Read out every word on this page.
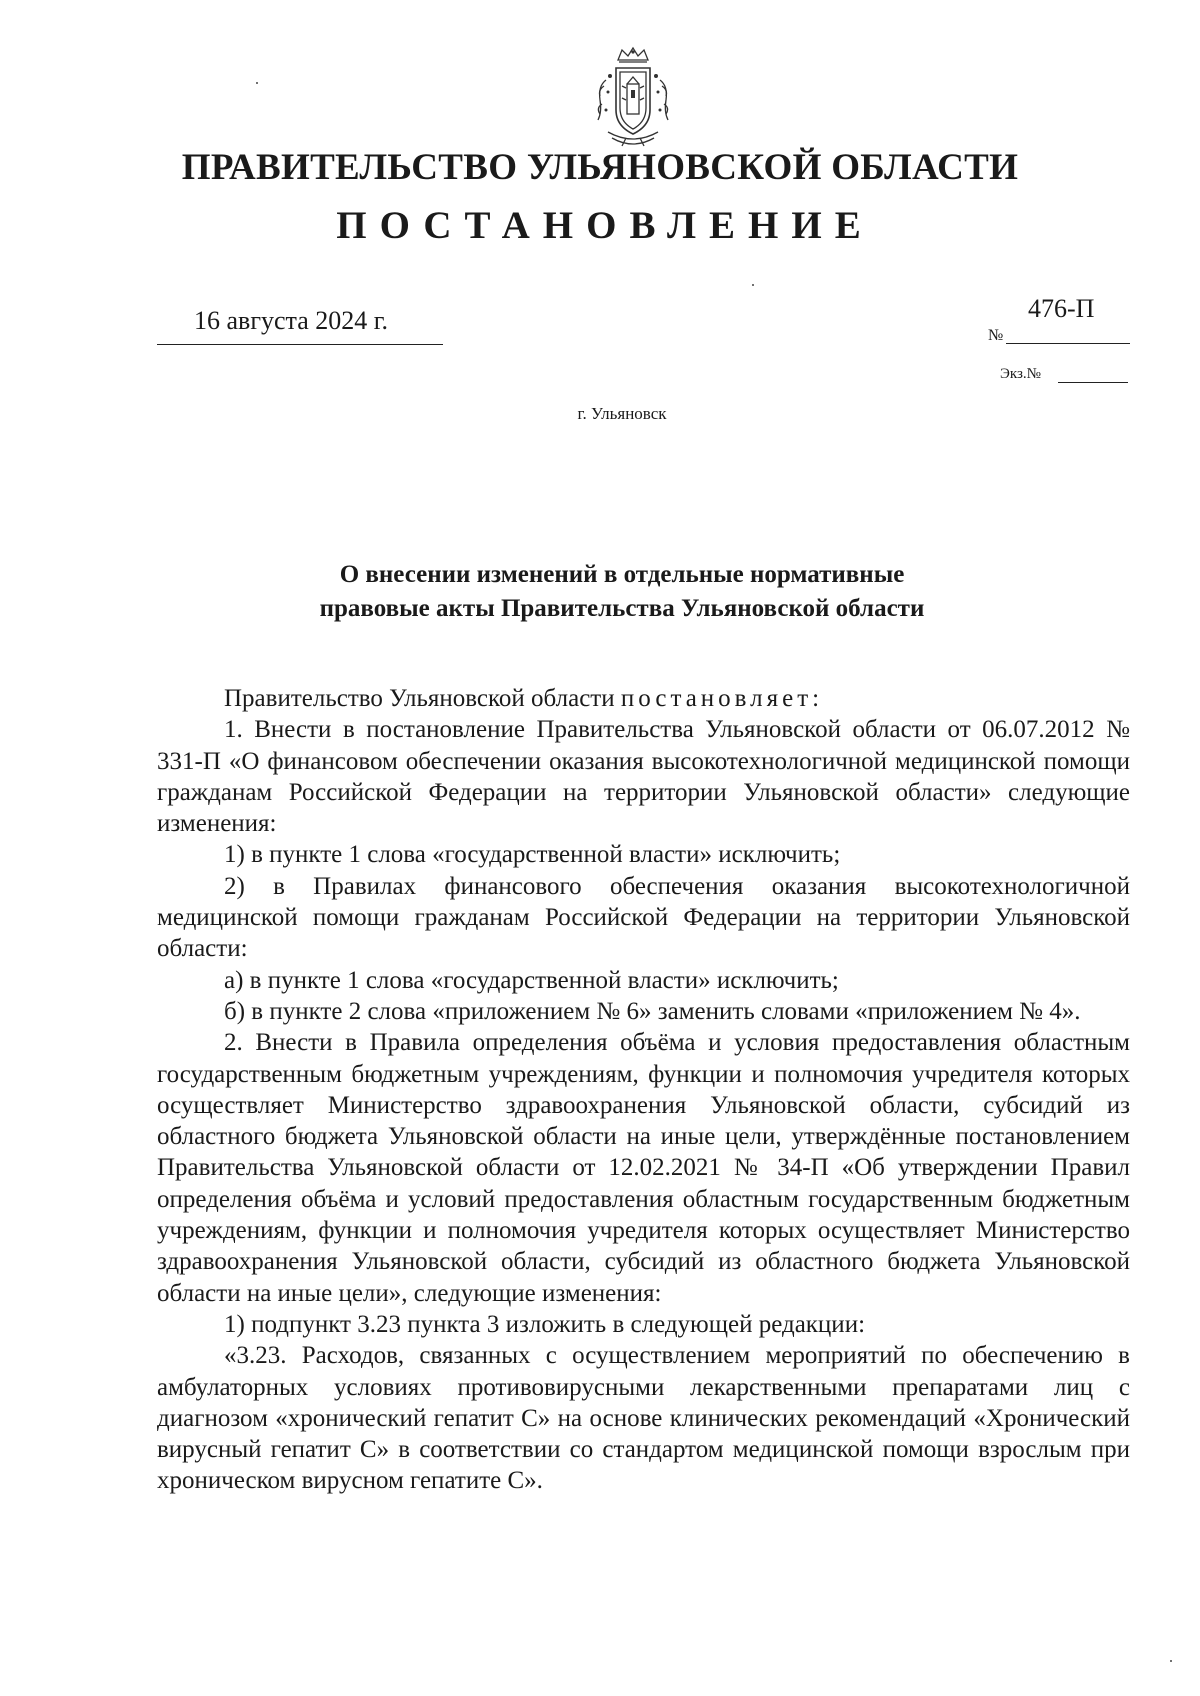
ПРАВИТЕЛЬСТВО УЛЬЯНОВСКОЙ ОБЛАСТИ
ПОСТАНОВЛЕНИЕ
16 августа 2024 г.
№
476-П
Экз.№
г. Ульяновск
О внесении изменений в отдельные нормативные
правовые акты Правительства Ульяновской области

Правительство Ульяновской области постановляет:

1. Внести в постановление Правительства Ульяновской области от 06.07.2012 № 331-П «О финансовом обеспечении оказания высокотехнологичной медицинской помощи гражданам Российской Федерации на территории Ульяновской области» следующие изменения:

1) в пункте 1 слова «государственной власти» исключить;

2) в Правилах финансового обеспечения оказания высокотехнологичной медицинской помощи гражданам Российской Федерации на территории Ульяновской области:

а) в пункте 1 слова «государственной власти» исключить;

б) в пункте 2 слова «приложением № 6» заменить словами «приложением № 4».

2. Внести в Правила определения объёма и условия предоставления областным государственным бюджетным учреждениям, функции и полномочия учредителя которых осуществляет Министерство здравоохранения Ульяновской области, субсидий из областного бюджета Ульяновской области на иные цели, утверждённые постановлением Правительства Ульяновской области от 12.02.2021 № 34-П «Об утверждении Правил определения объёма и условий предоставления областным государственным бюджетным учреждениям, функции и полномочия учредителя которых осуществляет Министерство здравоохранения Ульяновской области, субсидий из областного бюджета Ульяновской области на иные цели», следующие изменения:

1) подпункт 3.23 пункта 3 изложить в следующей редакции:

«3.23. Расходов, связанных с осуществлением мероприятий по обеспечению в амбулаторных условиях противовирусными лекарственными препаратами лиц с диагнозом «хронический гепатит С» на основе клинических рекомендаций «Хронический вирусный гепатит С» в соответствии со стандартом медицинской помощи взрослым при хроническом вирусном гепатите С».
